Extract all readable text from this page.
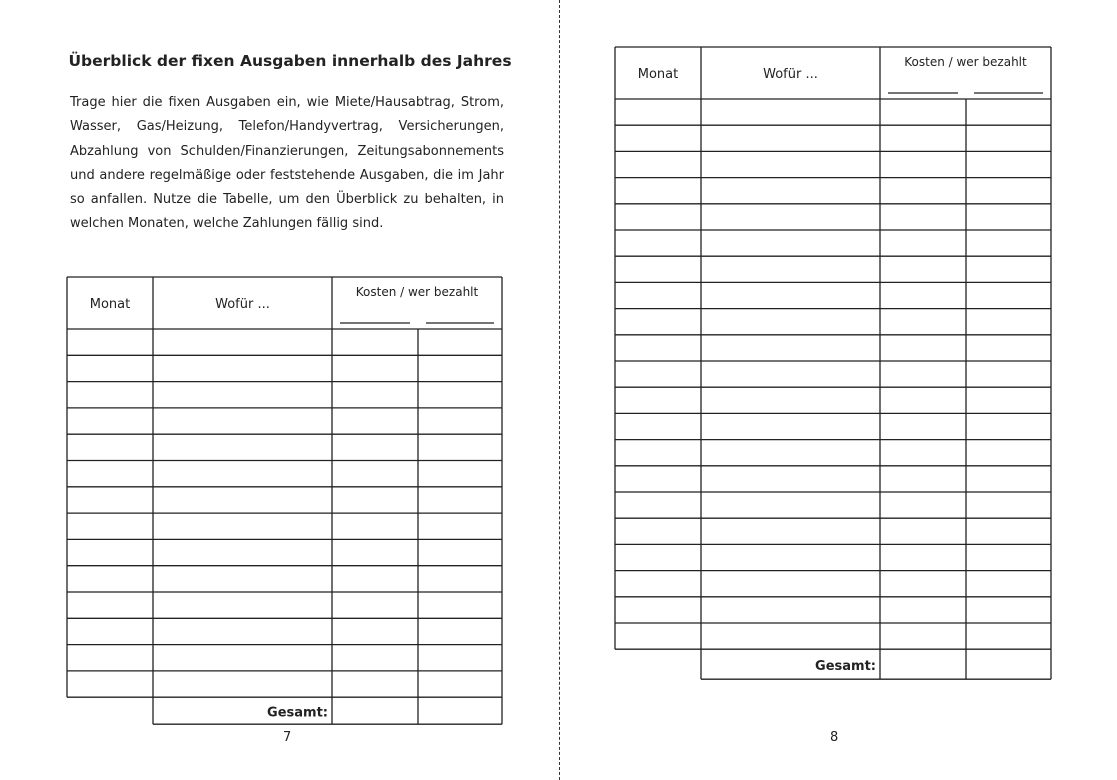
Überblick der fixen Ausgaben innerhalb des Jahres
Trage hier die fixen Ausgaben ein, wie Miete/Hausabtrag, Strom, Wasser, Gas/Heizung, Telefon/Handyvertrag, Versicherungen, Abzahlung von Schulden/Finanzierungen, Zeitungsabonnements und andere regelmäßige oder feststehende Ausgaben, die im Jahr so anfallen. Nutze die Tabelle, um den Überblick zu behalten, in welchen Monaten, welche Zahlungen fällig sind.
Monat	Wofür ...
Kosten / wer bezahlt
Gesamt:
7
Monat	Wofür ...
Kosten / wer bezahlt
Gesamt:
8
